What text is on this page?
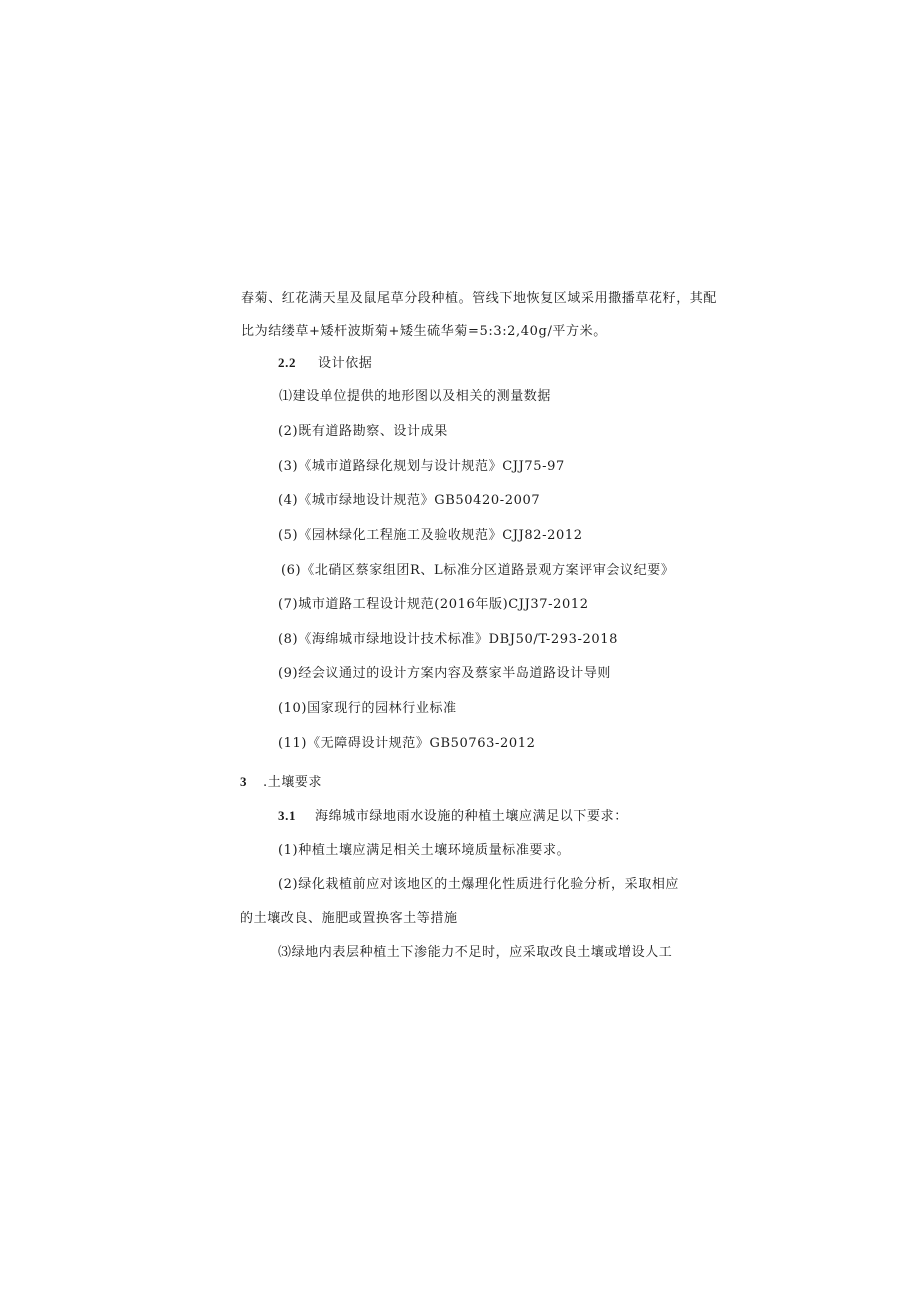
春菊、红花满天星及鼠尾草分段种植。管线下地恢复区域采用撒播草花籽，其配
比为结缕草+矮杆波斯菊+矮生硫华菊=5:3:2,40g/平方米。
2.2 设计依据
⑴建设单位提供的地形图以及相关的测量数据
(2)既有道路勘察、设计成果
(3)《城市道路绿化规划与设计规范》CJJ75-97
(4)《城市绿地设计规范》GB50420-2007
(5)《园林绿化工程施工及验收规范》CJJ82-2012
(6)《北硝区蔡家组团R、L标准分区道路景观方案评审会议纪要》
(7)城市道路工程设计规范(2016年版)CJJ37-2012
(8)《海绵城市绿地设计技术标准》DBJ50/T-293-2018
(9)经会议通过的设计方案内容及蔡家半岛道路设计导则
(10)国家现行的园林行业标准
(11)《无障碍设计规范》GB50763-2012
3 .土壤要求
3.1 海绵城市绿地雨水设施的种植土壤应满足以下要求：
(1)种植土壤应满足相关土壤环境质量标准要求。
(2)绿化栽植前应对该地区的土爆理化性质进行化验分析，采取相应
的土壤改良、施肥或置换客土等措施
⑶绿地内表层种植土下渗能力不足时，应采取改良土壤或增设人工
